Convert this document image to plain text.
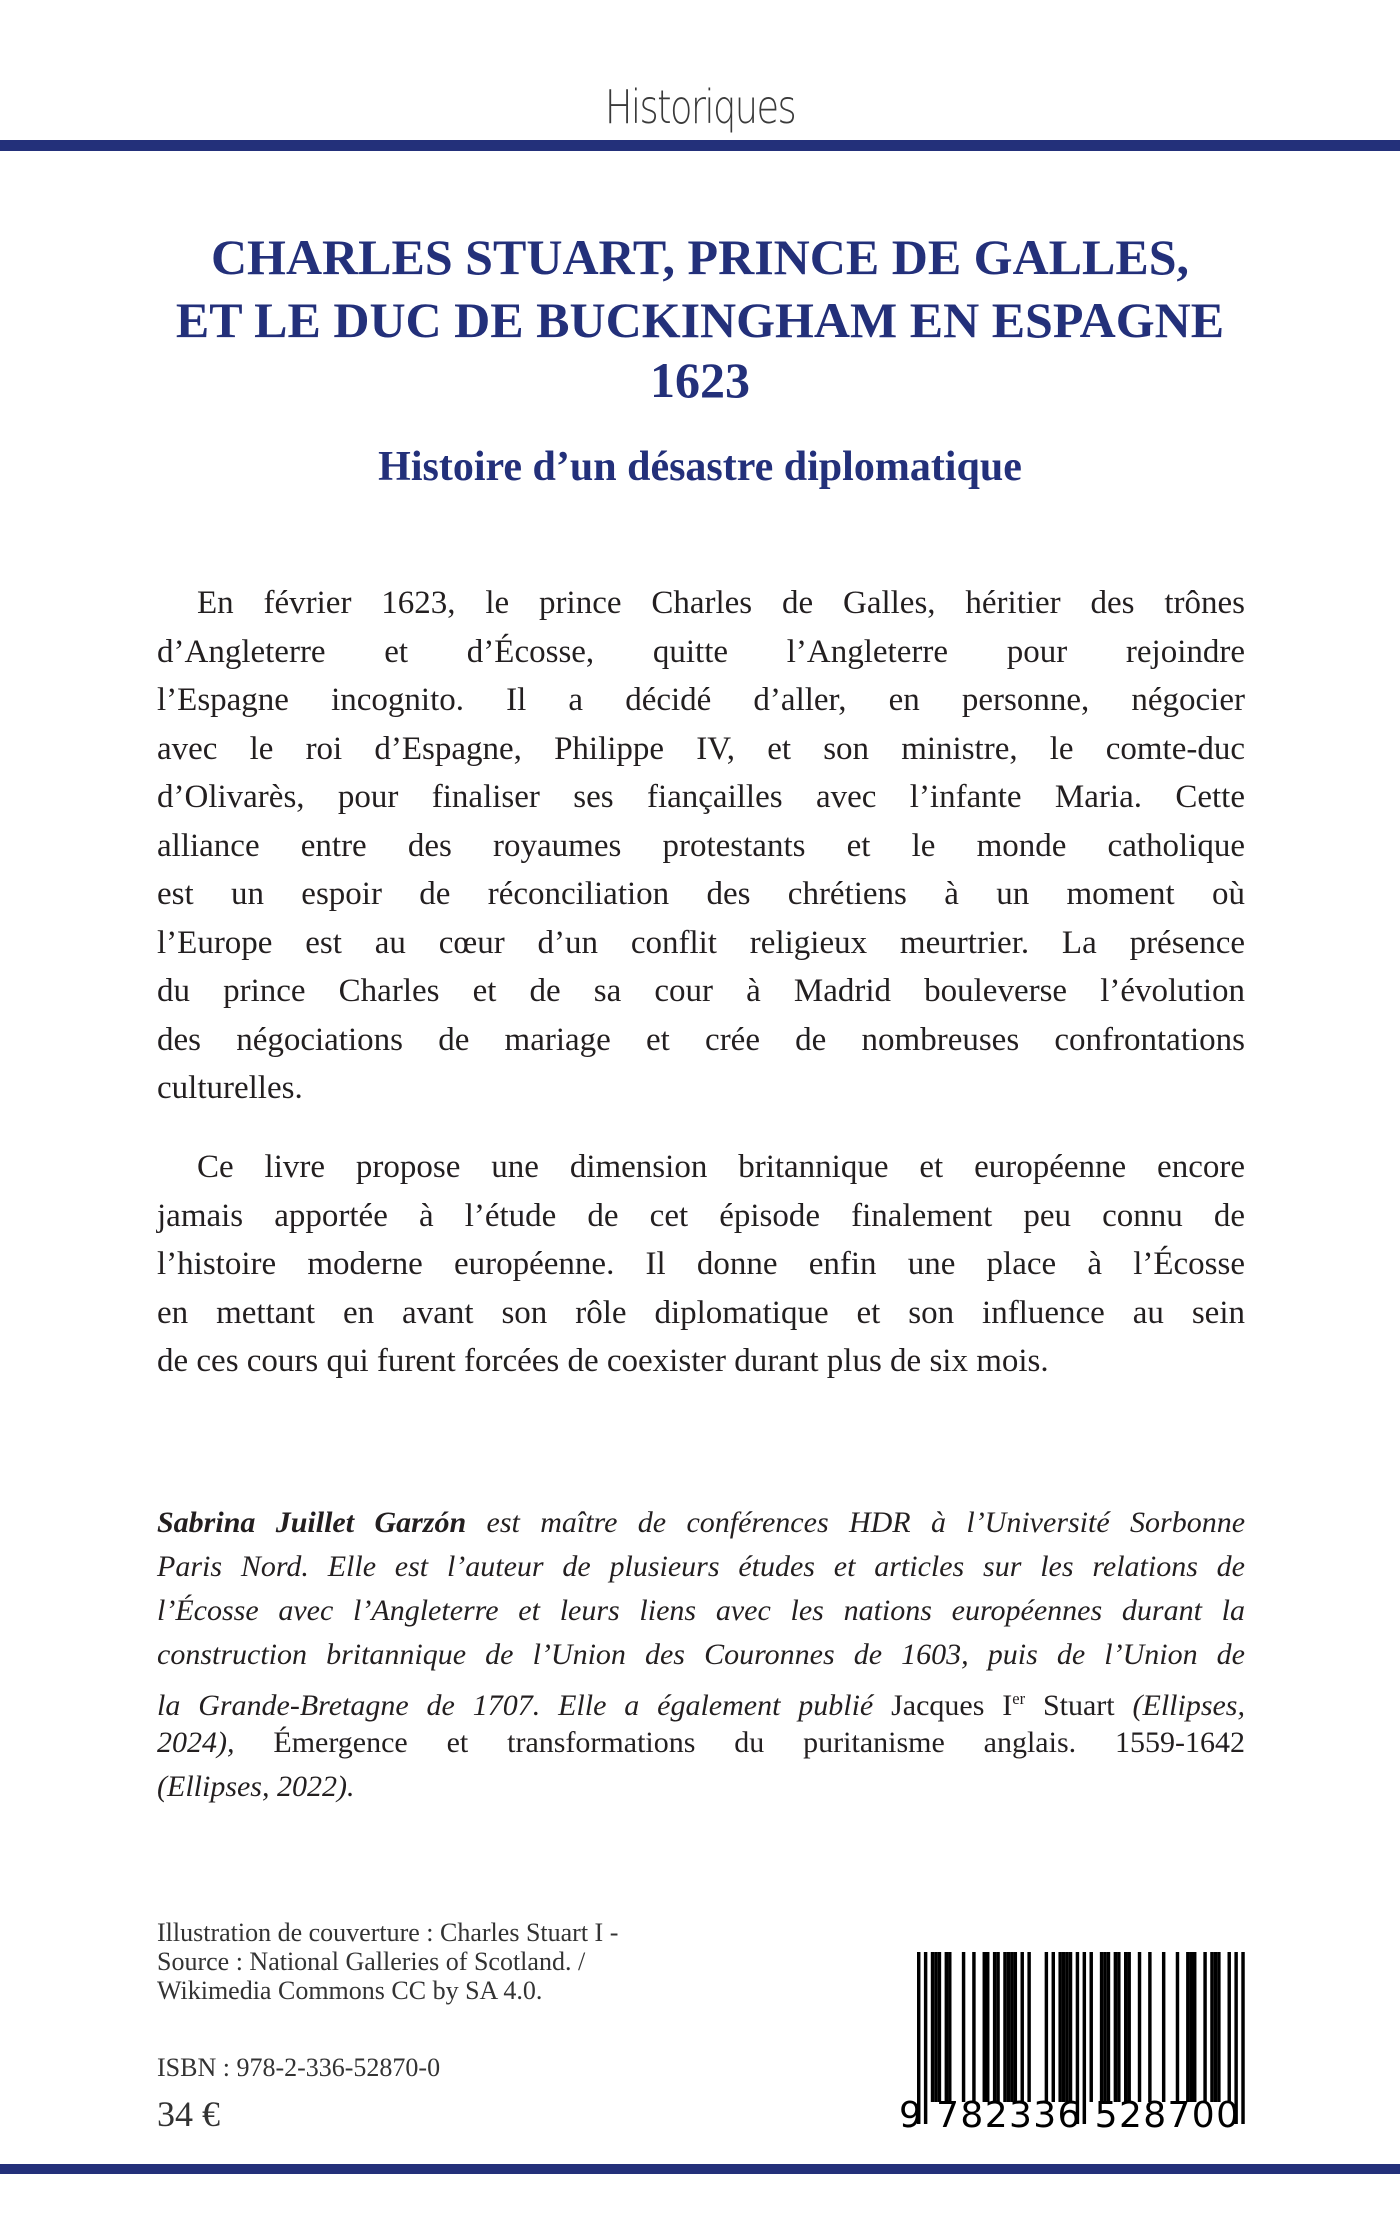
Historiques
CHARLES STUART, PRINCE DE GALLES,
ET LE DUC DE BUCKINGHAM EN ESPAGNE
1623
Histoire d’un désastre diplomatique
En février 1623, le prince Charles de Galles, héritier des trônes
d’Angleterre et d’Écosse, quitte l’Angleterre pour rejoindre
l’Espagne incognito. Il a décidé d’aller, en personne, négocier
avec le roi d’Espagne, Philippe IV, et son ministre, le comte-duc
d’Olivarès, pour finaliser ses fiançailles avec l’infante Maria. Cette
alliance entre des royaumes protestants et le monde catholique
est un espoir de réconciliation des chrétiens à un moment où
l’Europe est au cœur d’un conflit religieux meurtrier. La présence
du prince Charles et de sa cour à Madrid bouleverse l’évolution
des négociations de mariage et crée de nombreuses confrontations
culturelles.
Ce livre propose une dimension britannique et européenne encore
jamais apportée à l’étude de cet épisode finalement peu connu de
l’histoire moderne européenne. Il donne enfin une place à l’Écosse
en mettant en avant son rôle diplomatique et son influence au sein
de ces cours qui furent forcées de coexister durant plus de six mois.
Sabrina Juillet Garzón est maître de conférences HDR à l’Université Sorbonne
Paris Nord. Elle est l’auteur de plusieurs études et articles sur les relations de
l’Écosse avec l’Angleterre et leurs liens avec les nations européennes durant la
construction britannique de l’Union des Couronnes de 1603, puis de l’Union de
la Grande-Bretagne de 1707. Elle a également publié Jacques Ier Stuart (Ellipses,
2024), Émergence et transformations du puritanisme anglais. 1559-1642
(Ellipses, 2022).
Illustration de couverture : Charles Stuart I -
Source : National Galleries of Scotland. /
Wikimedia Commons CC by SA 4.0.
ISBN : 978-2-336-52870-0
34 €	9 782336 528700
